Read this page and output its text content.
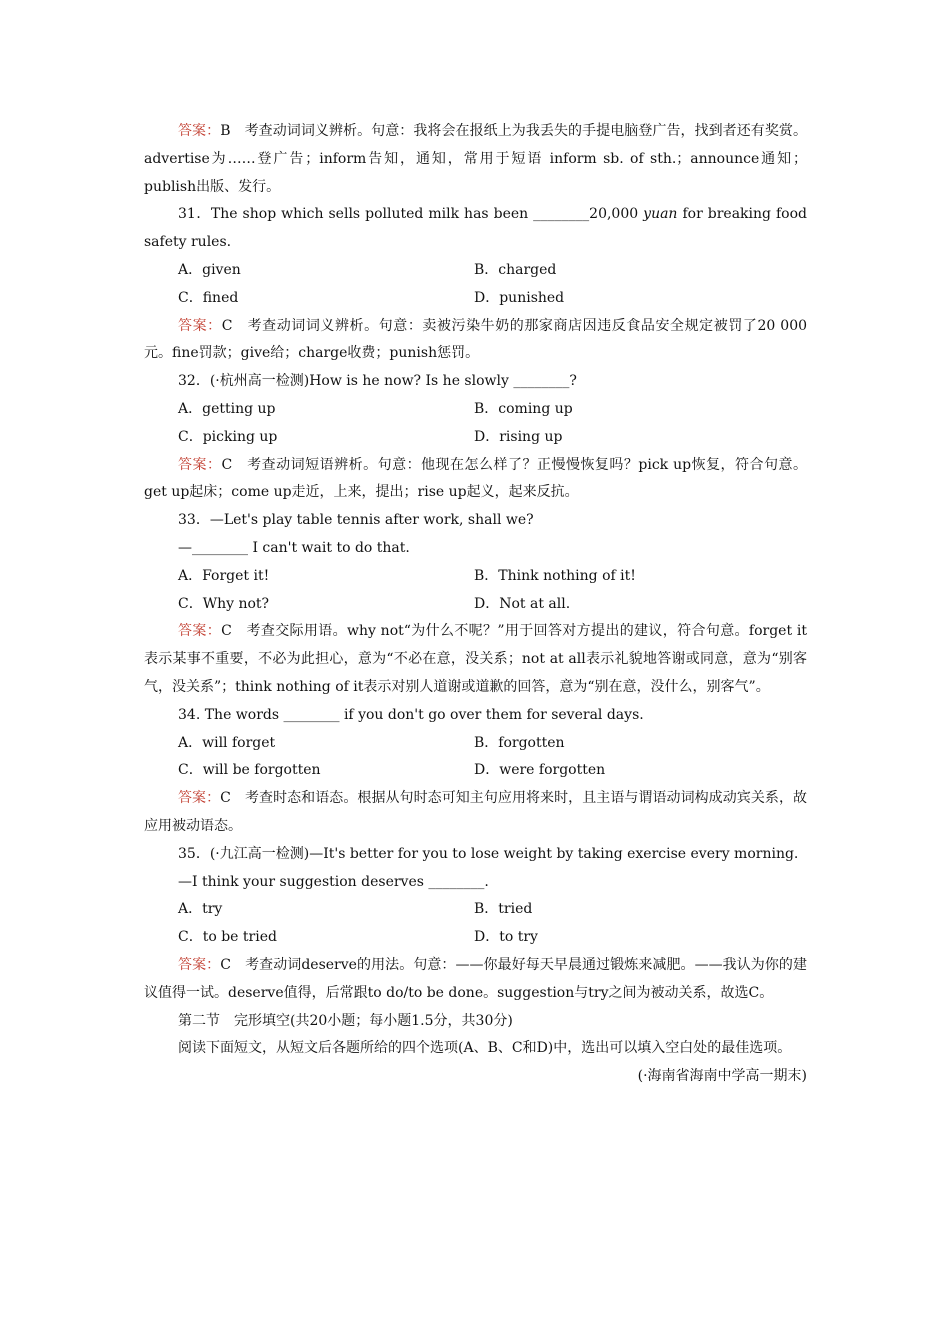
答案：B　考查动词词义辨析。句意：我将会在报纸上为我丢失的手提电脑登广告，找到者还有奖赏。advertise为……登广告；inform告知，通知，常用于短语 inform sb. of sth.；announce通知；publish出版、发行。

31．The shop which sells polluted milk has been ________20,000 yuan for breaking food safety rules.

A．given	B．charged
C．fined	D．punished

答案：C　考查动词词义辨析。句意：卖被污染牛奶的那家商店因违反食品安全规定被罚了20 000元。fine罚款；give给；charge收费；punish惩罚。

32．(·杭州高一检测)How is he now? Is he slowly ________?

A．getting up	B．coming up
C．picking up	D．rising up

答案：C　考查动词短语辨析。句意：他现在怎么样了？正慢慢恢复吗？pick up恢复，符合句意。get up起床；come up走近，上来，提出；rise up起义，起来反抗。

33．—Let's play table tennis after work, shall we?

—________ I can't wait to do that.

A．Forget it!	B．Think nothing of it!
C．Why not?	D．Not at all.

答案：C　考查交际用语。why not“为什么不呢？”用于回答对方提出的建议，符合句意。forget it表示某事不重要，不必为此担心，意为“不必在意，没关系；not at all表示礼貌地答谢或同意，意为“别客气，没关系”；think nothing of it表示对别人道谢或道歉的回答，意为“别在意，没什么，别客气”。

34. The words ________ if you don't go over them for several days.

A．will forget	B．forgotten
C．will be forgotten	D．were forgotten

答案：C　考查时态和语态。根据从句时态可知主句应用将来时，且主语与谓语动词构成动宾关系，故应用被动语态。

35．(·九江高一检测)—It's better for you to lose weight by taking exercise every morning.

—I think your suggestion deserves ________.

A．try	B．tried
C．to be tried	D．to try

答案：C　考查动词deserve的用法。句意：——你最好每天早晨通过锻炼来减肥。——我认为你的建议值得一试。deserve值得，后常跟to do/to be done。suggestion与try之间为被动关系，故选C。

第二节　完形填空(共20小题；每小题1.5分，共30分)

阅读下面短文，从短文后各题所给的四个选项(A、B、C和D)中，选出可以填入空白处的最佳选项。

(·海南省海南中学高一期末)
